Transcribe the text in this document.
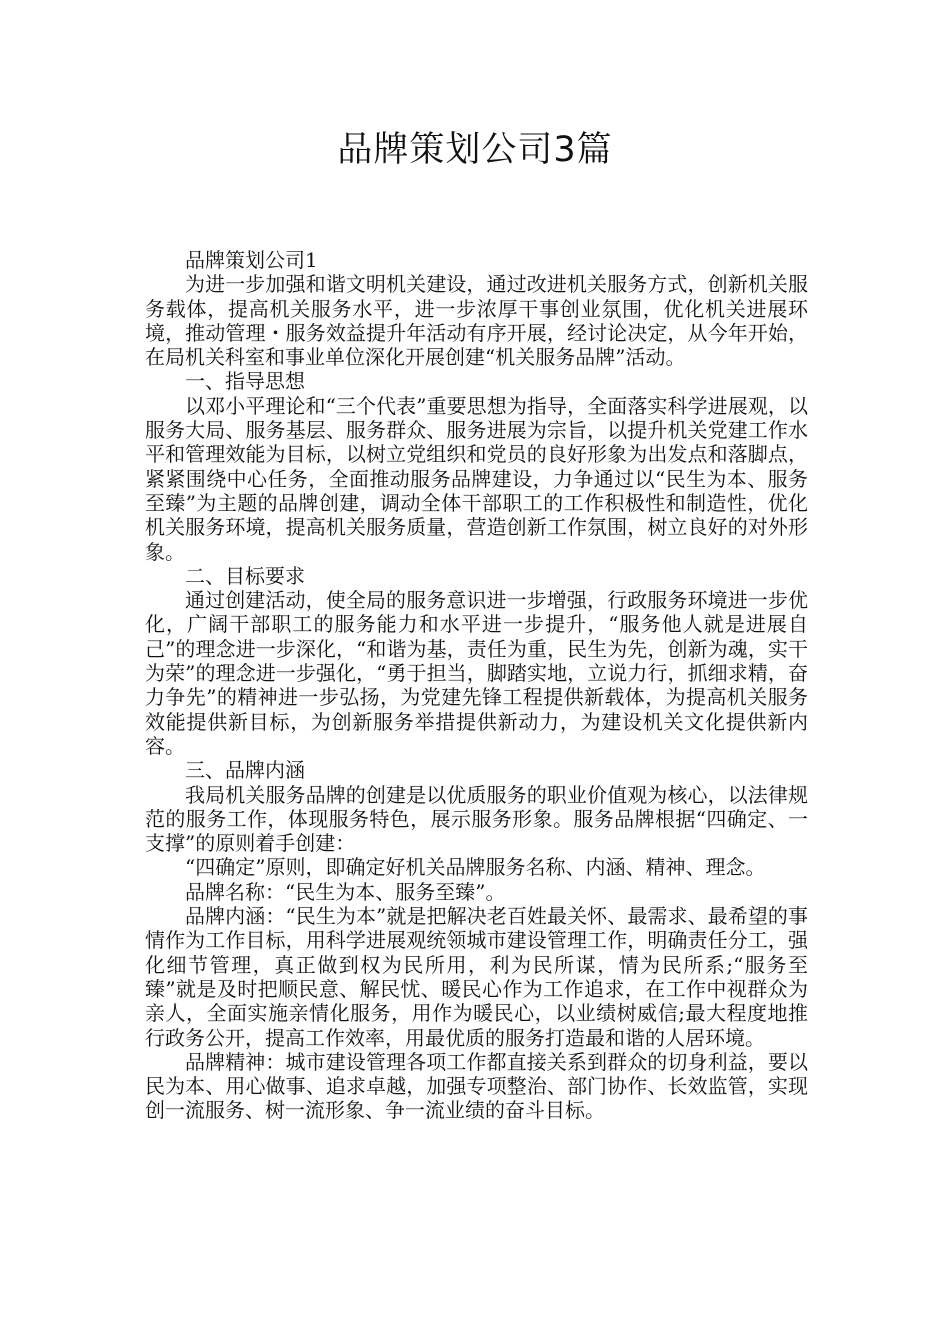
品牌策划公司3篇

品牌策划公司1

为进一步加强和谐文明机关建设，通过改进机关服务方式，创新机关服务载体，提高机关服务水平，进一步浓厚干事创业氛围，优化机关进展环境，推动管理・服务效益提升年活动有序开展，经讨论决定，从今年开始，在局机关科室和事业单位深化开展创建“机关服务品牌”活动。

一、指导思想

以邓小平理论和“三个代表”重要思想为指导，全面落实科学进展观，以服务大局、服务基层、服务群众、服务进展为宗旨，以提升机关党建工作水平和管理效能为目标，以树立党组织和党员的良好形象为出发点和落脚点，紧紧围绕中心任务，全面推动服务品牌建设，力争通过以“民生为本、服务至臻”为主题的品牌创建，调动全体干部职工的工作积极性和制造性，优化机关服务环境，提高机关服务质量，营造创新工作氛围，树立良好的对外形象。

二、目标要求

通过创建活动，使全局的服务意识进一步增强，行政服务环境进一步优化，广阔干部职工的服务能力和水平进一步提升，“服务他人就是进展自己”的理念进一步深化，“和谐为基，责任为重，民生为先，创新为魂，实干为荣”的理念进一步强化，“勇于担当，脚踏实地，立说力行，抓细求精，奋力争先”的精神进一步弘扬，为党建先锋工程提供新载体，为提高机关服务效能提供新目标，为创新服务举措提供新动力，为建设机关文化提供新内容。

三、品牌内涵

我局机关服务品牌的创建是以优质服务的职业价值观为核心，以法律规范的服务工作，体现服务特色，展示服务形象。服务品牌根据“四确定、一支撑”的原则着手创建：

“四确定”原则，即确定好机关品牌服务名称、内涵、精神、理念。

品牌名称：“民生为本、服务至臻”。

品牌内涵：“民生为本”就是把解决老百姓最关怀、最需求、最希望的事情作为工作目标，用科学进展观统领城市建设管理工作，明确责任分工，强化细节管理，真正做到权为民所用，利为民所谋，情为民所系;“服务至臻”就是及时把顺民意、解民忧、暖民心作为工作追求，在工作中视群众为亲人，全面实施亲情化服务，用作为暖民心，以业绩树威信;最大程度地推行政务公开，提高工作效率，用最优质的服务打造最和谐的人居环境。

品牌精神：城市建设管理各项工作都直接关系到群众的切身利益，要以民为本、用心做事、追求卓越，加强专项整治、部门协作、长效监管，实现创一流服务、树一流形象、争一流业绩的奋斗目标。
